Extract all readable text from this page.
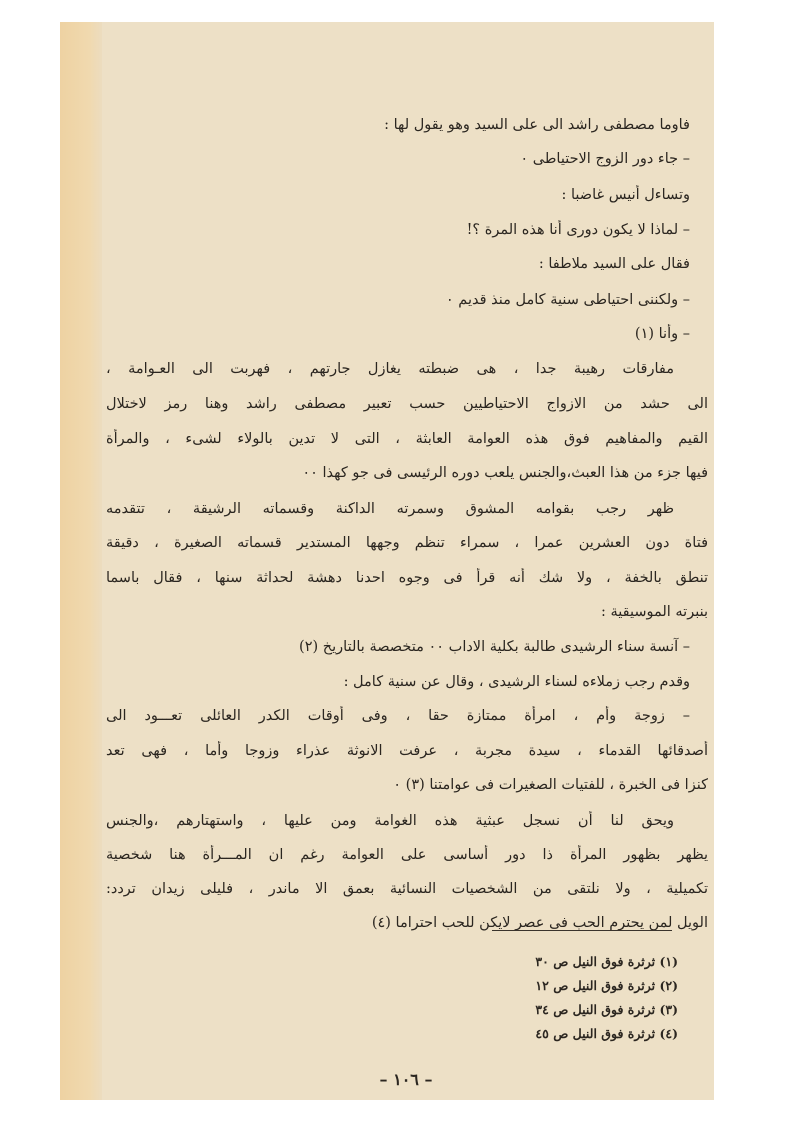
فاوما مصطفى راشد الى على السيد وهو يقول لها :
– جاء دور الزوج الاحتياطى ٠
وتساءل أنيس غاضبا :
– لماذا لا يكون دورى أنا هذه المرة ؟!
فقال على السيد ملاطفا :
– ولكننى احتياطى سنية كامل منذ قديم ٠
– وأنا (١)
مفارقات رهيبة جدا ، هى ضبطته يغازل جارتهم ، فهربت الى العـوامة ،
الى حشد من الازواج الاحتياطيين حسب تعبير مصطفى راشد وهنا رمز لاختلال
القيم والمفاهيم فوق هذه العوامة العابثة ، التى لا تدين بالولاء لشىء ، والمرأة
فيها جزء من هذا العبث،والجنس يلعب دوره الرئيسى فى جو كهذا ٠٠
ظهر رجب بقوامه المشوق وسمرته الداكنة وقسماته الرشيقة ، تتقدمه
فتاة دون العشرين عمرا ، سمراء تنظم وجهها المستدير قسماته الصغيرة ، دقيقة
تنطق بالخفة ، ولا شك أنه قرأ فى وجوه احدنا دهشة لحداثة سنها ، فقال باسما
بنبرته الموسيقية :
– آنسة سناء الرشيدى طالبة بكلية الاداب ٠٠ متخصصة بالتاريخ (٢)
وقدم رجب زملاءه لسناء الرشيدى ، وقال عن سنية كامل :
– زوجة وأم ، امرأة ممتازة حقا ، وفى أوقات الكدر العائلى تعـــود الى
أصدقائها القدماء ، سيدة مجربة ، عرفت الانوثة عذراء وزوجا وأما ، فهى تعد
كنزا فى الخبرة ، للفتيات الصغيرات فى عوامتنا (٣) ٠
ويحق لنا أن نسجل عبثية هذه الغوامة ومن عليها ، واستهتارهم ،والجنس
يظهر بظهور المرأة ذا دور أساسى على العوامة رغم ان المـــرأة هنا شخصية
تكميلية ، ولا نلتقى من الشخصيات النسائية بعمق الا ماندر ، فليلى زيدان تردد:
الويل لمن يحترم الحب فى عصر لايكن للحب احتراما (٤)
(١) ثرثرة فوق النيل ص ٣٠
(٢) ثرثرة فوق النيل ص ١٢
(٣) ثرثرة فوق النيل ص ٣٤
(٤) ثرثرة فوق النيل ص ٤٥
– ١٠٦ –
